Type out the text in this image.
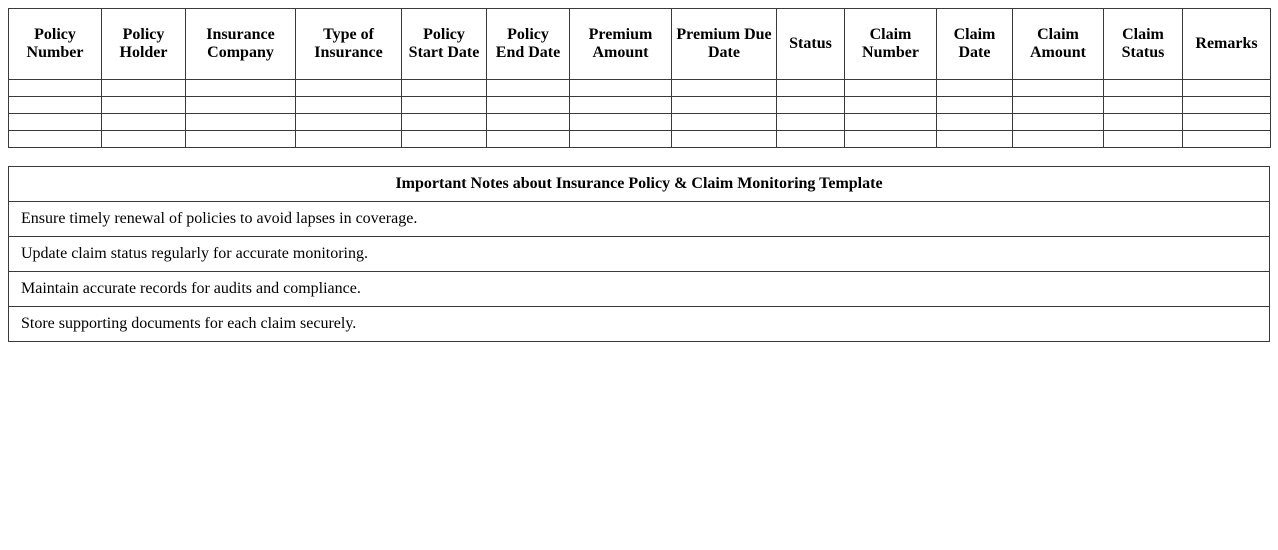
Policy Number	Policy Holder	Insurance Company	Type of Insurance	Policy Start Date	Policy End Date	Premium Amount	Premium Due Date	Status	Claim Number	Claim Date	Claim Amount	Claim Status	Remarks

Important Notes about Insurance Policy & Claim Monitoring Template
Ensure timely renewal of policies to avoid lapses in coverage.
Update claim status regularly for accurate monitoring.
Maintain accurate records for audits and compliance.
Store supporting documents for each claim securely.
